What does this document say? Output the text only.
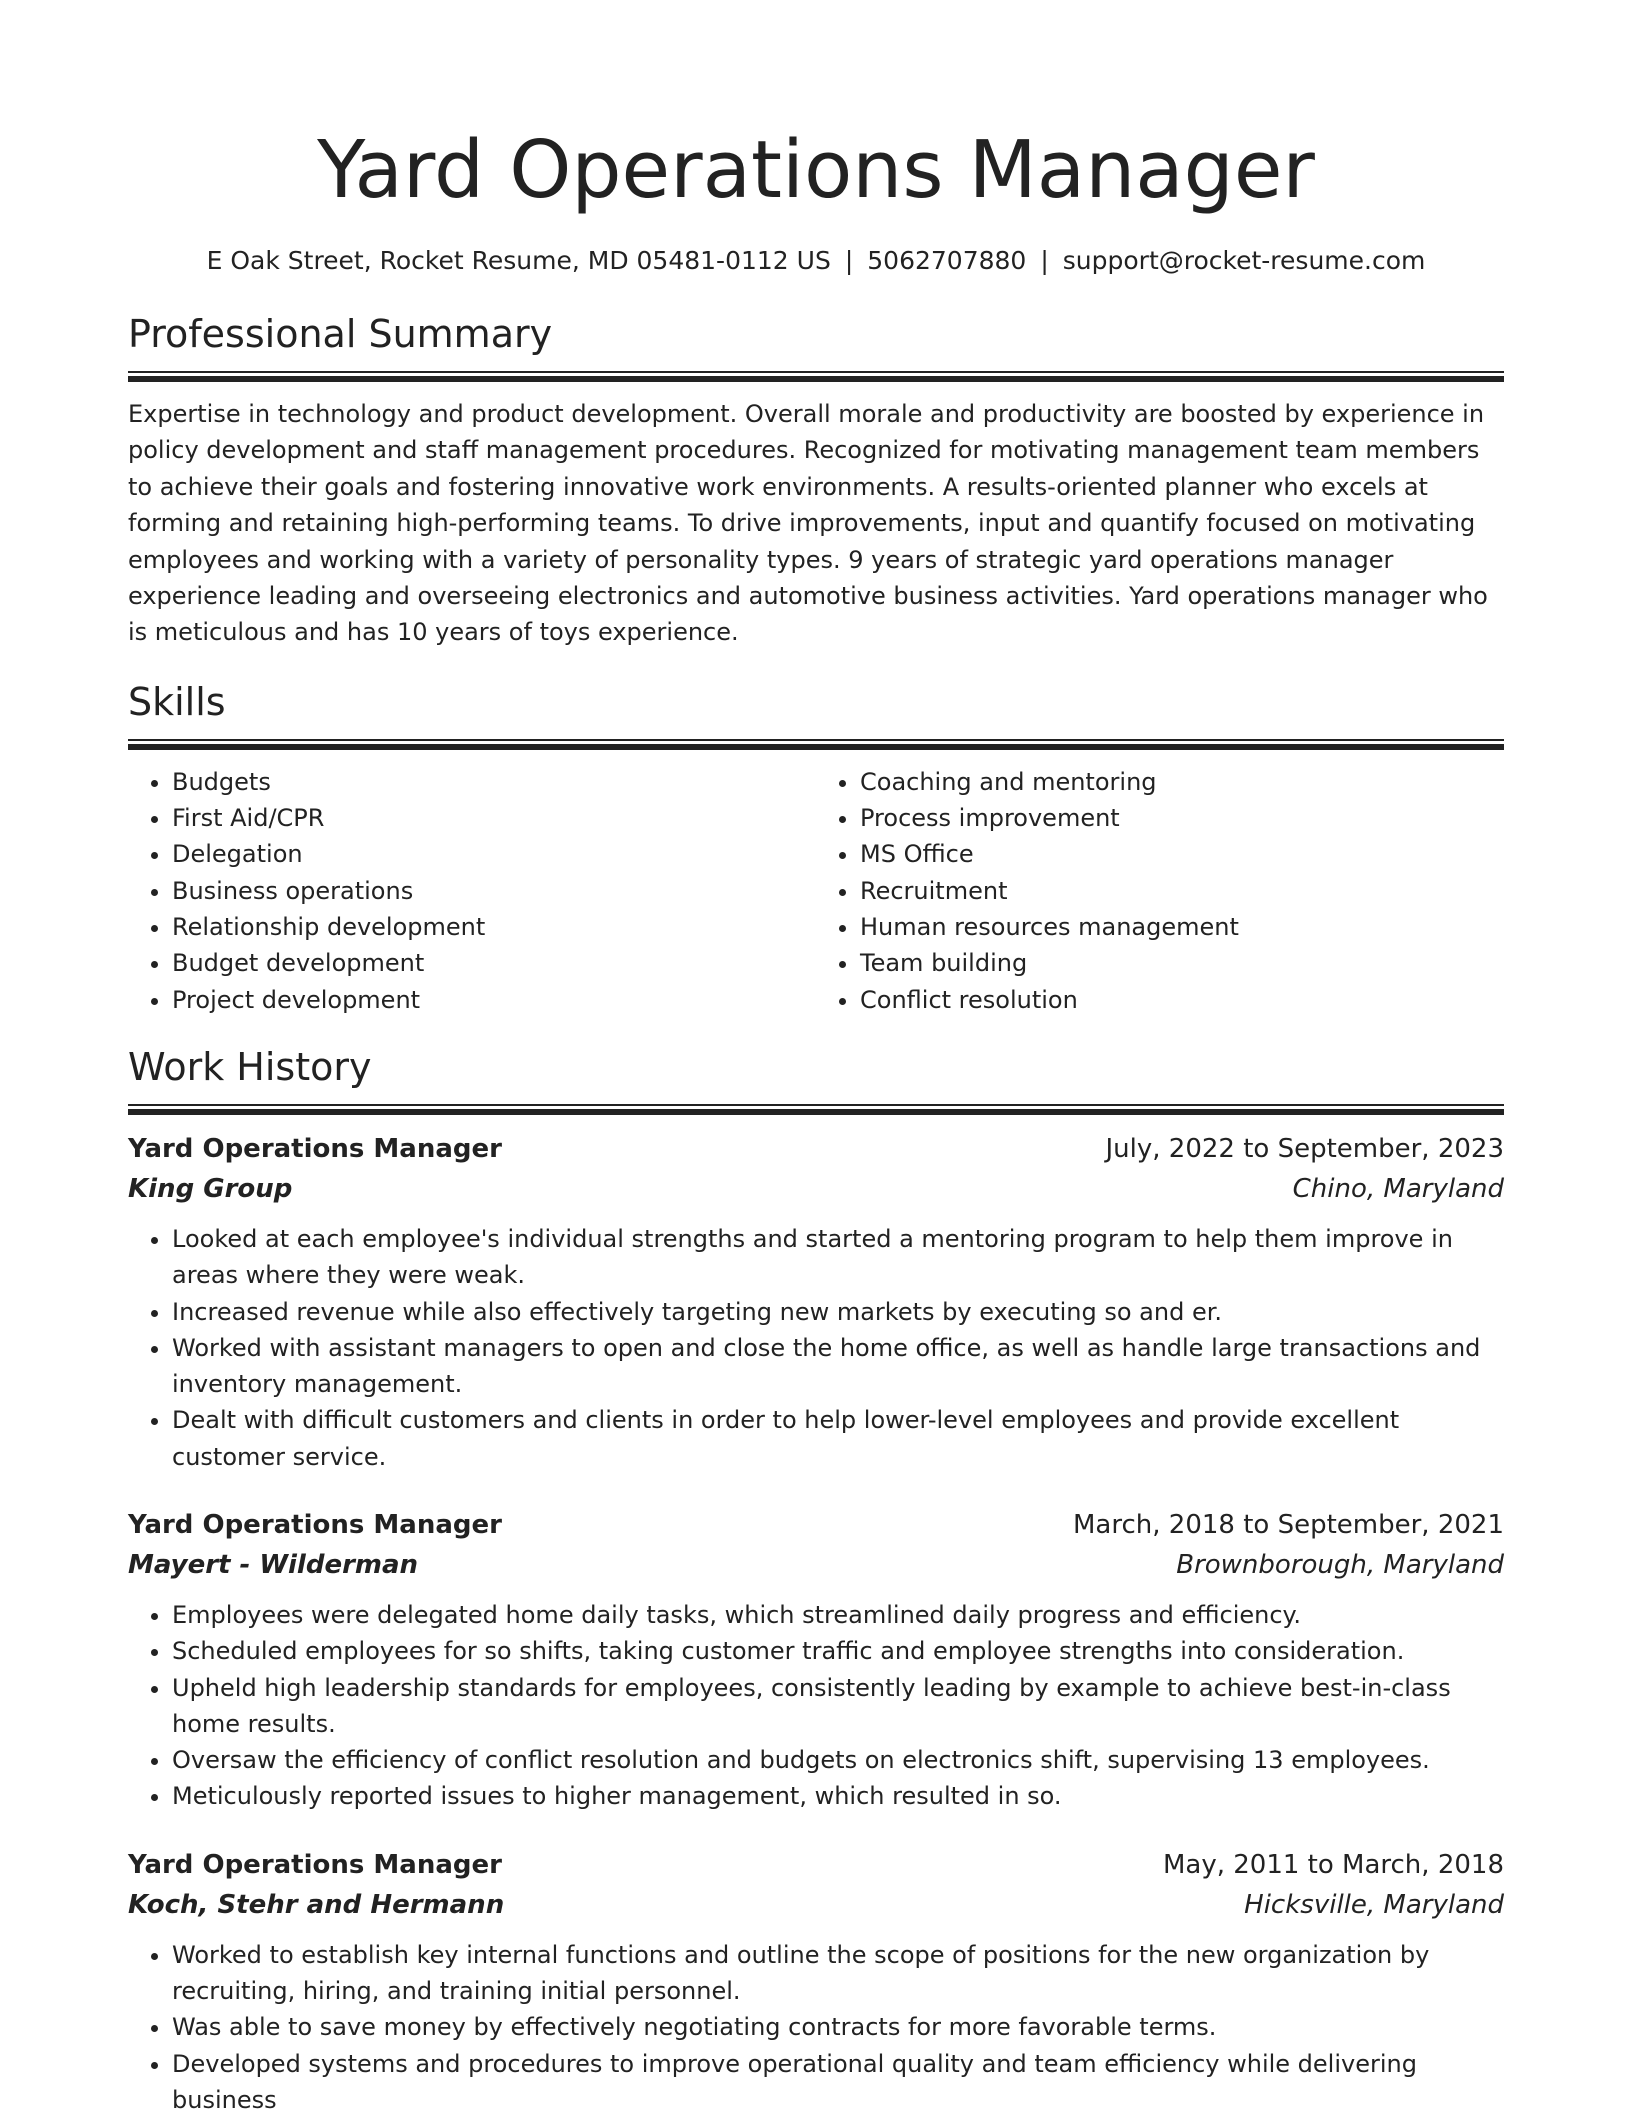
Yard Operations Manager
E Oak Street, Rocket Resume, MD 05481-0112 US | 5062707880 | support@rocket-resume.com
Professional Summary

Expertise in technology and product development. Overall morale and productivity are boosted by experience in policy development and staff management procedures. Recognized for motivating management team members to achieve their goals and fostering innovative work environments. A results-oriented planner who excels at forming and retaining high-performing teams. To drive improvements, input and quantify focused on motivating employees and working with a variety of personality types. 9 years of strategic yard operations manager experience leading and overseeing electronics and automotive business activities. Yard operations manager who is meticulous and has 10 years of toys experience.

Skills
• Budgets
• First Aid/CPR
• Delegation
• Business operations
• Relationship development
• Budget development
• Project development
• Coaching and mentoring
• Process improvement
• MS Office
• Recruitment
• Human resources management
• Team building
• Conflict resolution
Work History
Yard Operations Manager	July, 2022 to September, 2023
King Group	Chino, Maryland
• Looked at each employee's individual strengths and started a mentoring program to help them improve in areas where they were weak.
• Increased revenue while also effectively targeting new markets by executing so and er.
• Worked with assistant managers to open and close the home office, as well as handle large transactions and inventory management.
• Dealt with difficult customers and clients in order to help lower-level employees and provide excellent customer service.
Yard Operations Manager	March, 2018 to September, 2021
Mayert - Wilderman	Brownborough, Maryland
• Employees were delegated home daily tasks, which streamlined daily progress and efficiency.
• Scheduled employees for so shifts, taking customer traffic and employee strengths into consideration.
• Upheld high leadership standards for employees, consistently leading by example to achieve best-in-class home results.
• Oversaw the efficiency of conflict resolution and budgets on electronics shift, supervising 13 employees.
• Meticulously reported issues to higher management, which resulted in so.
Yard Operations Manager	May, 2011 to March, 2018
Koch, Stehr and Hermann	Hicksville, Maryland
• Worked to establish key internal functions and outline the scope of positions for the new organization by recruiting, hiring, and training initial personnel.
• Was able to save money by effectively negotiating contracts for more favorable terms.
• Developed systems and procedures to improve operational quality and team efficiency while delivering business
